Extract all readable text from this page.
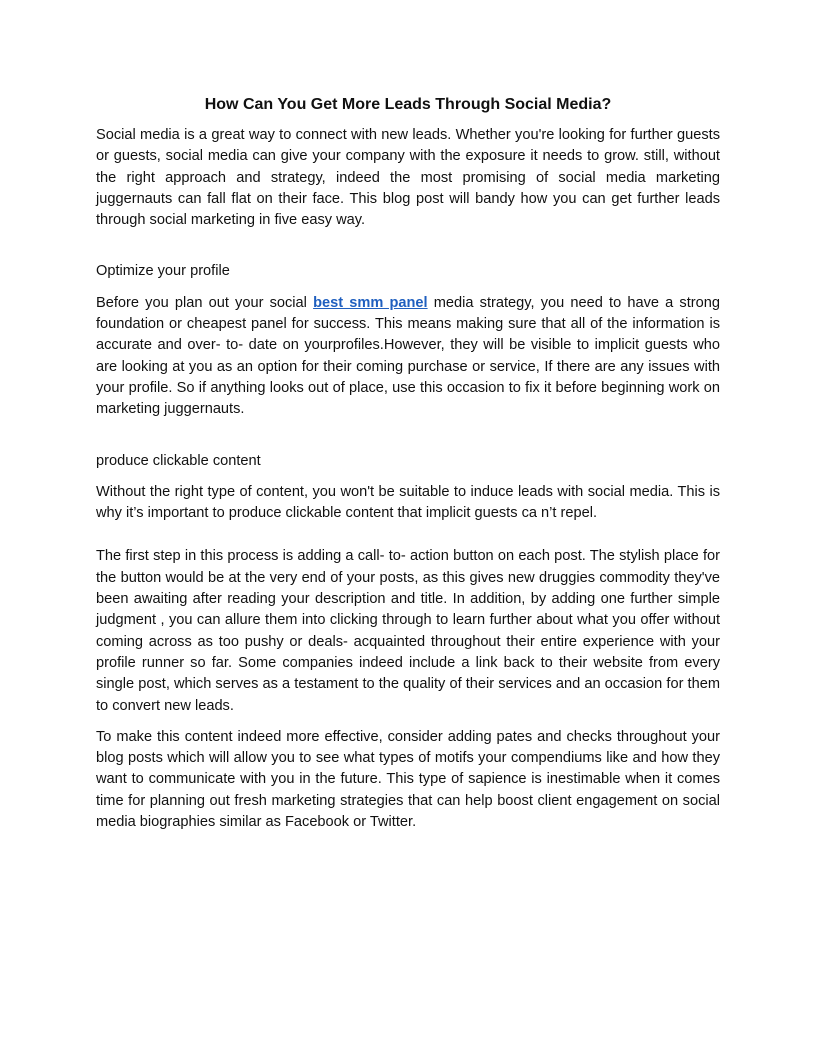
How Can You Get More Leads Through Social Media?

Social media is a great way to connect with new leads. Whether you're looking for further guests or guests, social media can give your company with the exposure it needs to grow. still, without the right approach and strategy, indeed the most promising of social media marketing juggernauts can fall flat on their face. This blog post will bandy how you can get further leads through social marketing in five easy way.

Optimize your profile

Before you plan out your social best smm panel media strategy, you need to have a strong foundation or cheapest panel for success. This means making sure that all of the information is accurate and over- to- date on yourprofiles.However, they will be visible to implicit guests who are looking at you as an option for their coming purchase or service, If there are any issues with your profile. So if anything looks out of place, use this occasion to fix it before beginning work on marketing juggernauts.

produce clickable content

Without the right type of content, you won't be suitable to induce leads with social media. This is why it’s important to produce clickable content that implicit guests ca n’t repel.

The first step in this process is adding a call- to- action button on each post. The stylish place for the button would be at the very end of your posts, as this gives new druggies commodity they've been awaiting after reading your description and title. In addition, by adding one further simple judgment , you can allure them into clicking through to learn further about what you offer without coming across as too pushy or deals- acquainted throughout their entire experience with your profile runner so far. Some companies indeed include a link back to their website from every single post, which serves as a testament to the quality of their services and an occasion for them to convert new leads.

To make this content indeed more effective, consider adding pates and checks throughout your blog posts which will allow you to see what types of motifs your compendiums like and how they want to communicate with you in the future. This type of sapience is inestimable when it comes time for planning out fresh marketing strategies that can help boost client engagement on social media biographies similar as Facebook or Twitter.
